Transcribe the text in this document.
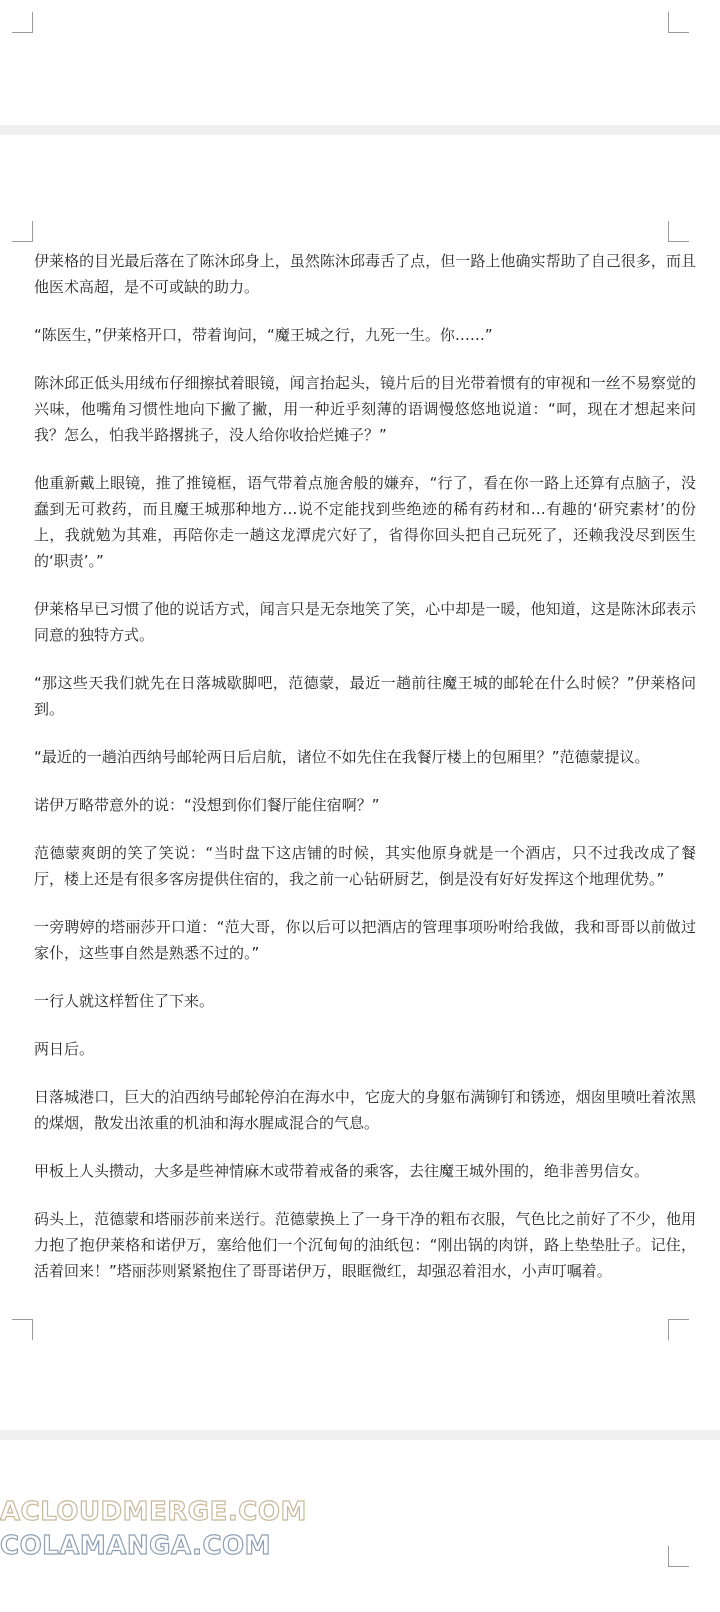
伊莱格的目光最后落在了陈沐邱身上，虽然陈沐邱毒舌了点，但一路上他确实帮助了自己很多，而且他医术高超，是不可或缺的助力。

“陈医生，”伊莱格开口，带着询问，“魔王城之行，九死一生。你……”

陈沐邱正低头用绒布仔细擦拭着眼镜，闻言抬起头，镜片后的目光带着惯有的审视和一丝不易察觉的兴味，他嘴角习惯性地向下撇了撇，用一种近乎刻薄的语调慢悠悠地说道：“呵，现在才想起来问我？怎么，怕我半路撂挑子，没人给你收拾烂摊子？”

他重新戴上眼镜，推了推镜框，语气带着点施舍般的嫌弃，“行了，看在你一路上还算有点脑子，没蠢到无可救药，而且魔王城那种地方…说不定能找到些绝迹的稀有药材和…有趣的‘研究素材’的份上，我就勉为其难，再陪你走一趟这龙潭虎穴好了，省得你回头把自己玩死了，还赖我没尽到医生的‘职责’。”

伊莱格早已习惯了他的说话方式，闻言只是无奈地笑了笑，心中却是一暖，他知道，这是陈沐邱表示同意的独特方式。

“那这些天我们就先在日落城歇脚吧，范德蒙，最近一趟前往魔王城的邮轮在什么时候？”伊莱格问到。

“最近的一趟泊西纳号邮轮两日后启航，诸位不如先住在我餐厅楼上的包厢里？”范德蒙提议。

诺伊万略带意外的说：“没想到你们餐厅能住宿啊？”

范德蒙爽朗的笑了笑说：“当时盘下这店铺的时候，其实他原身就是一个酒店，只不过我改成了餐厅，楼上还是有很多客房提供住宿的，我之前一心钻研厨艺，倒是没有好好发挥这个地理优势。”

一旁聘婷的塔丽莎开口道：“范大哥，你以后可以把酒店的管理事项吩咐给我做，我和哥哥以前做过家仆，这些事自然是熟悉不过的。”

一行人就这样暂住了下来。

两日后。

日落城港口，巨大的泊西纳号邮轮停泊在海水中，它庞大的身躯布满铆钉和锈迹，烟囱里喷吐着浓黑的煤烟，散发出浓重的机油和海水腥咸混合的气息。

甲板上人头攒动，大多是些神情麻木或带着戒备的乘客，去往魔王城外围的，绝非善男信女。

码头上，范德蒙和塔丽莎前来送行。范德蒙换上了一身干净的粗布衣服，气色比之前好了不少，他用力抱了抱伊莱格和诺伊万，塞给他们一个沉甸甸的油纸包：“刚出锅的肉饼，路上垫垫肚子。记住，活着回来！”塔丽莎则紧紧抱住了哥哥诺伊万，眼眶微红，却强忍着泪水，小声叮嘱着。

ACLOUDMERGE.COM
COLAMANGA.COM
